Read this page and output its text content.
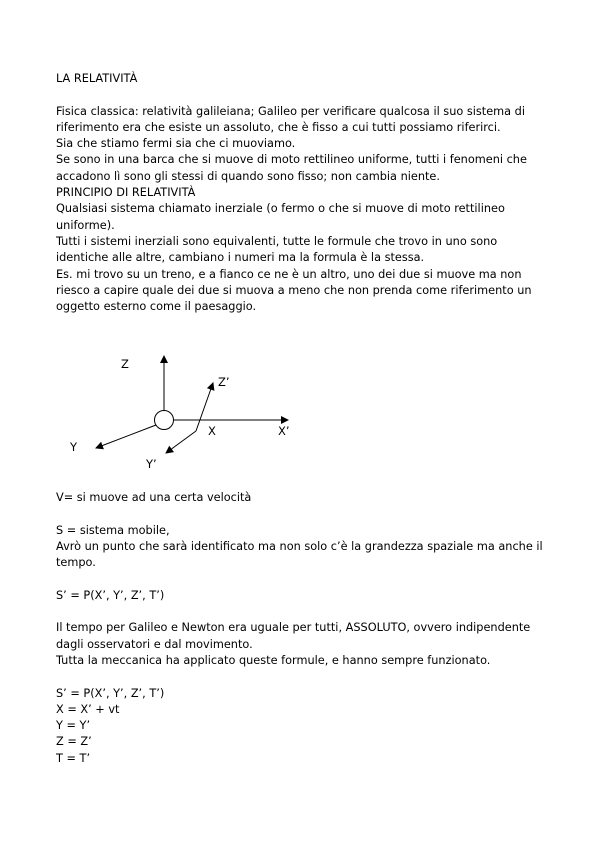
LA RELATIVITÀ
Fisica classica: relatività galileiana; Galileo per verificare qualcosa il suo sistema di
riferimento era che esiste un assoluto, che è fisso a cui tutti possiamo riferirci.
Sia che stiamo fermi sia che ci muoviamo.
Se sono in una barca che si muove di moto rettilineo uniforme, tutti i fenomeni che
accadono lì sono gli stessi di quando sono fisso; non cambia niente.
PRINCIPIO DI RELATIVITÀ
Qualsiasi sistema chiamato inerziale (o fermo o che si muove di moto rettilineo
uniforme).
Tutti i sistemi inerziali sono equivalenti, tutte le formule che trovo in uno sono
identiche alle altre, cambiano i numeri ma la formula è la stessa.
Es. mi trovo su un treno, e a fianco ce ne è un altro, uno dei due si muove ma non
riesco a capire quale dei due si muova a meno che non prenda come riferimento un
oggetto esterno come il paesaggio.
Z
Z’
X	X’
Y
Y’
V= si muove ad una certa velocità
S = sistema mobile,
Avrò un punto che sarà identificato ma non solo c’è la grandezza spaziale ma anche il
tempo.
S’ = P(X’, Y’, Z’, T’)
Il tempo per Galileo e Newton era uguale per tutti, ASSOLUTO, ovvero indipendente
dagli osservatori e dal movimento.
Tutta la meccanica ha applicato queste formule, e hanno sempre funzionato.
S’ = P(X’, Y’, Z’, T’)
X = X’ + vt
Y = Y’
Z = Z’
T = T’
